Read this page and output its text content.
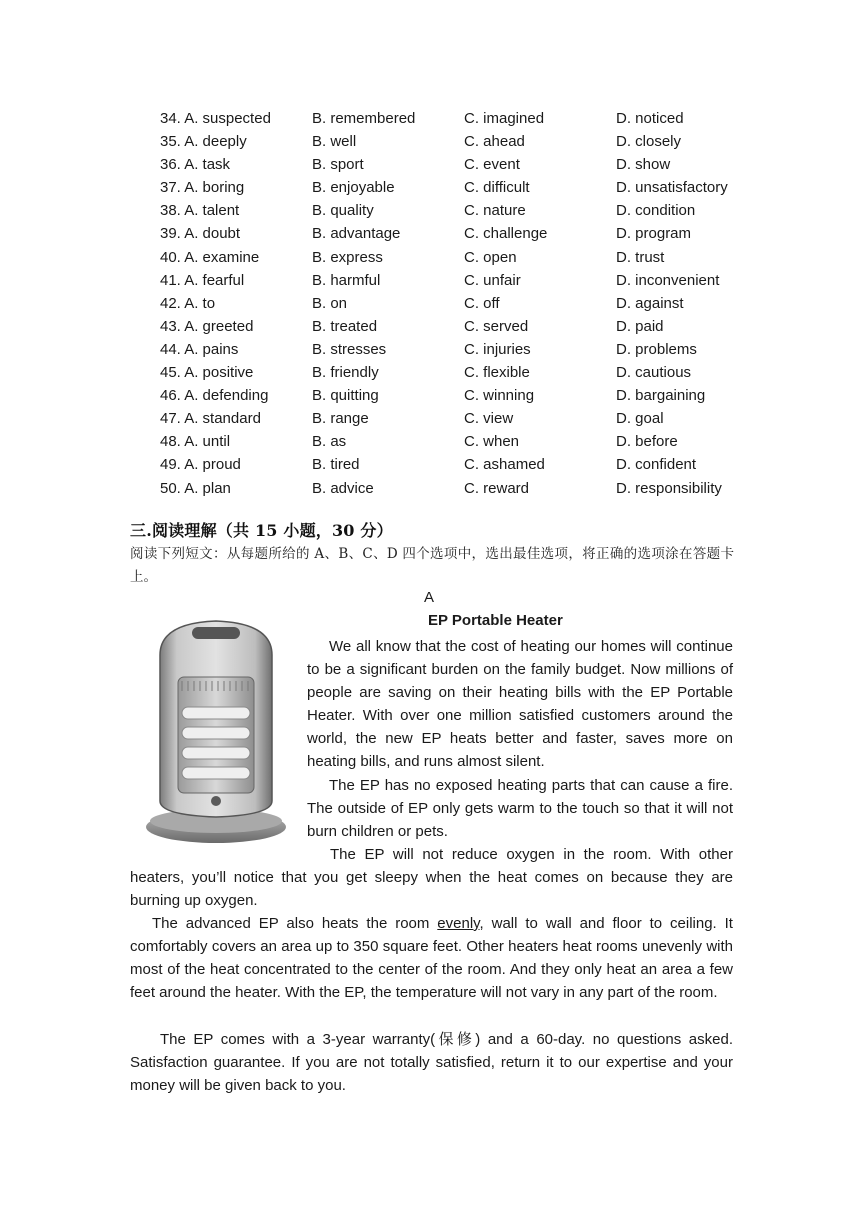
34. A. suspected	B. remembered	C. imagined	D. noticed
35. A. deeply	B. well	C. ahead	D. closely
36. A. task	B. sport	C. event	D. show
37. A. boring	B. enjoyable	C. difficult	D. unsatisfactory
38. A. talent	B. quality	C. nature	D. condition
39. A. doubt	B. advantage	C. challenge	D. program
40. A. examine	B. express	C. open	D. trust
41. A. fearful	B. harmful	C. unfair	D. inconvenient
42. A. to	B. on	C. off	D. against
43. A. greeted	B. treated	C. served	D. paid
44. A. pains	B. stresses	C. injuries	D. problems
45. A. positive	B. friendly	C. flexible	D. cautious
46. A. defending	B. quitting	C. winning	D. bargaining
47. A. standard	B. range	C. view	D. goal
48. A. until	B. as	C. when	D. before
49. A. proud	B. tired	C. ashamed	D. confident
50. A. plan	B. advice	C. reward	D. responsibility
三.阅读理解（共 15 小题，30 分）
阅读下列短文：从每题所给的 A、B、C、D 四个选项中，选出最佳选项，将正确的选项涂在答题卡上。
A
EP Portable Heater
We all know that the cost of heating our homes will continue to be a significant burden on the family budget. Now millions of people are saving on their heating bills with the EP Portable Heater. With over one million satisfied customers around the world, the new EP heats better and faster, saves more on heating bills, and runs almost silent.
The EP has no exposed heating parts that can cause a fire. The outside of EP only gets warm to the touch so that it will not burn children or pets.
The EP will not reduce oxygen in the room. With other heaters, you’ll notice that you get sleepy when the heat comes on because they are burning up oxygen.
The advanced EP also heats the room evenly, wall to wall and floor to ceiling. It comfortably covers an area up to 350 square feet. Other heaters heat rooms unevenly with most of the heat concentrated to the center of the room. And they only heat an area a few feet around the heater. With the EP, the temperature will not vary in any part of the room.
The EP comes with a 3-year warranty(保修) and a 60-day. no questions asked. Satisfaction guarantee. If you are not totally satisfied, return it to our expertise and your money will be given back to you.
